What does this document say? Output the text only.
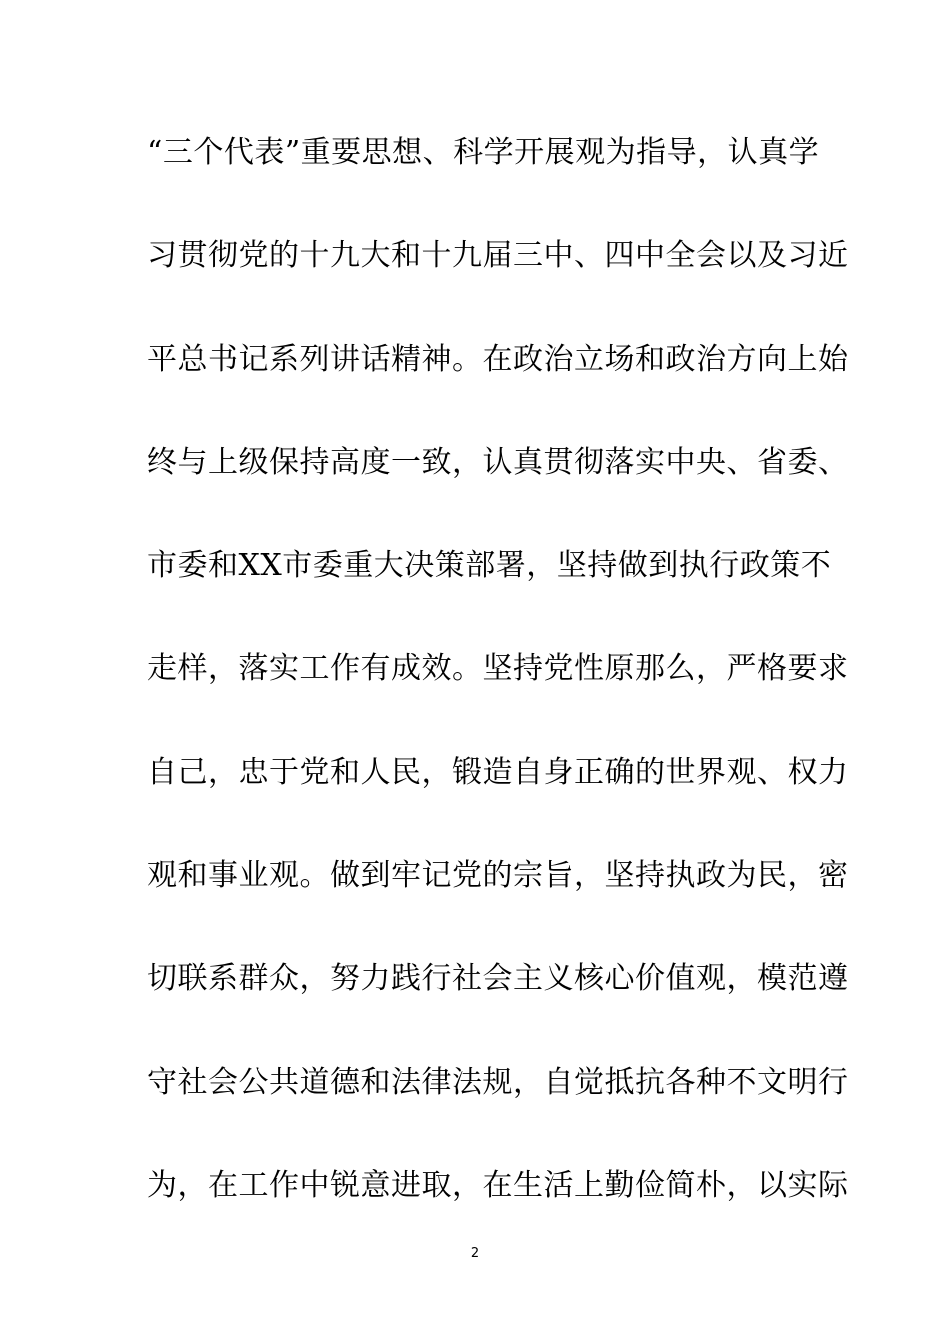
“三个代表”重要思想、科学开展观为指导，认真学
习贯彻党的十九大和十九届三中、四中全会以及习近
平总书记系列讲话精神。在政治立场和政治方向上始
终与上级保持高度一致，认真贯彻落实中央、省委、
市委和XX市委重大决策部署，坚持做到执行政策不
走样，落实工作有成效。坚持党性原那么，严格要求
自己，忠于党和人民，锻造自身正确的世界观、权力
观和事业观。做到牢记党的宗旨，坚持执政为民，密
切联系群众，努力践行社会主义核心价值观，模范遵
守社会公共道德和法律法规，自觉抵抗各种不文明行
为，在工作中锐意进取，在生活上勤俭简朴，以实际
2
